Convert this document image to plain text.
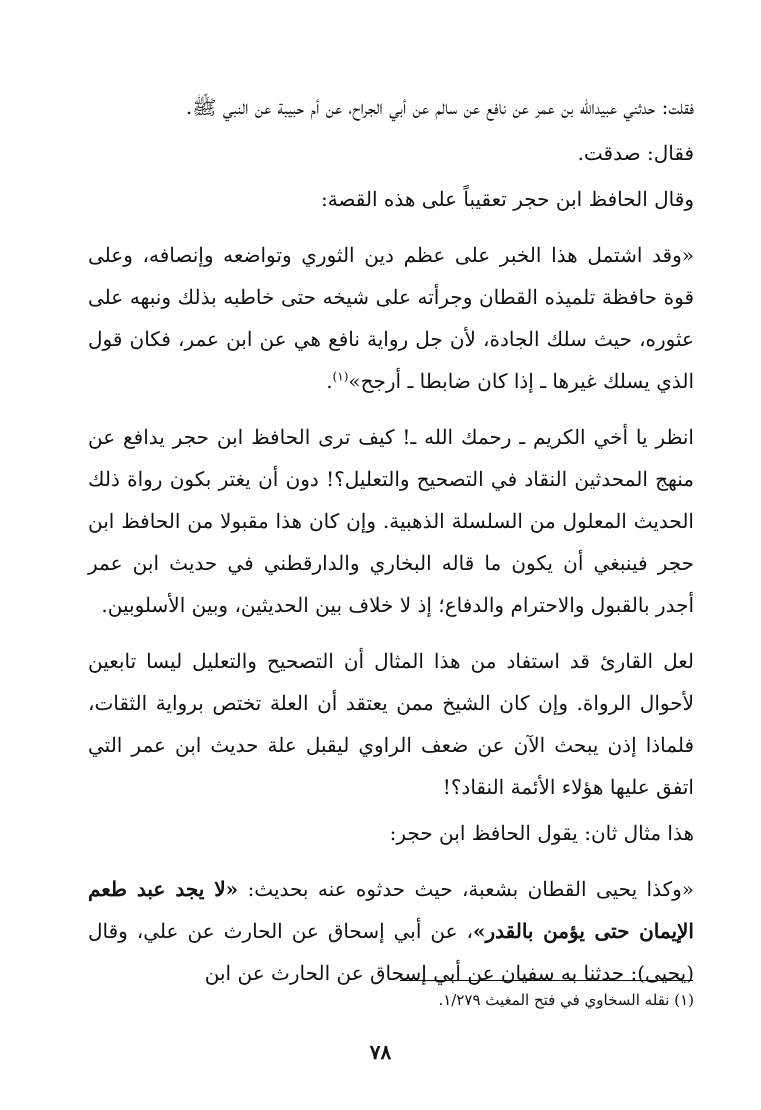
فقلت: حدثني عبيدالله بن عمر عن نافع عن سالم عن أبي الجراح، عن أم حبيبة عن النبي ﷺ.

فقال: صدقت.

وقال الحافظ ابن حجر تعقيباً على هذه القصة:

«وقد اشتمل هذا الخبر على عظم دين الثوري وتواضعه وإنصافه، وعلى قوة حافظة تلميذه القطان وجرأته على شيخه حتى خاطبه بذلك ونبهه على عثوره، حيث سلك الجادة، لأن جل رواية نافع هي عن ابن عمر، فكان قول الذي يسلك غيرها ـ إذا كان ضابطا ـ أرجح»$^{(١)}$.

انظر يا أخي الكريم ـ رحمك الله ـ! كيف ترى الحافظ ابن حجر يدافع عن منهج المحدثين النقاد في التصحيح والتعليل؟! دون أن يغتر بكون رواة ذلك الحديث المعلول من السلسلة الذهبية. وإن كان هذا مقبولا من الحافظ ابن حجر فينبغي أن يكون ما قاله البخاري والدارقطني في حديث ابن عمر أجدر بالقبول والاحترام والدفاع؛ إذ لا خلاف بين الحديثين، وبين الأسلوبين.

لعل القارئ قد استفاد من هذا المثال أن التصحيح والتعليل ليسا تابعين لأحوال الرواة. وإن كان الشيخ ممن يعتقد أن العلة تختص برواية الثقات، فلماذا إذن يبحث الآن عن ضعف الراوي ليقبل علة حديث ابن عمر التي اتفق عليها هؤلاء الأئمة النقاد؟!

هذا مثال ثان: يقول الحافظ ابن حجر:

«وكذا يحيى القطان بشعبة، حيث حدثوه عنه بحديث: «لا يجد عبد طعم الإيمان حتى يؤمن بالقدر»، عن أبي إسحاق عن الحارث عن علي، وقال (يحيى): حدثنا به سفيان عن أبي إسحاق عن الحارث عن ابن

(١) نقله السخاوي في فتح المغيث ١/٢٧٩.
٧٨
